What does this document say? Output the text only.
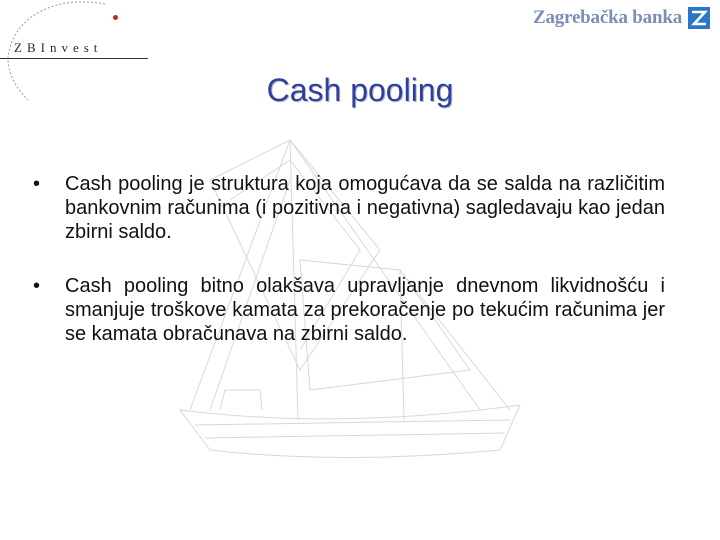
ZBInvest
Zagrebačka banka
Cash pooling
• Cash pooling je struktura koja omogućava da se salda na različitim bankovnim računima (i pozitivna i negativna) sagledavaju kao jedan zbirni saldo.
• Cash pooling bitno olakšava upravljanje dnevnom likvidnošću i smanjuje troškove kamata za prekoračenje po tekućim računima jer se kamata obračunava na zbirni saldo.
